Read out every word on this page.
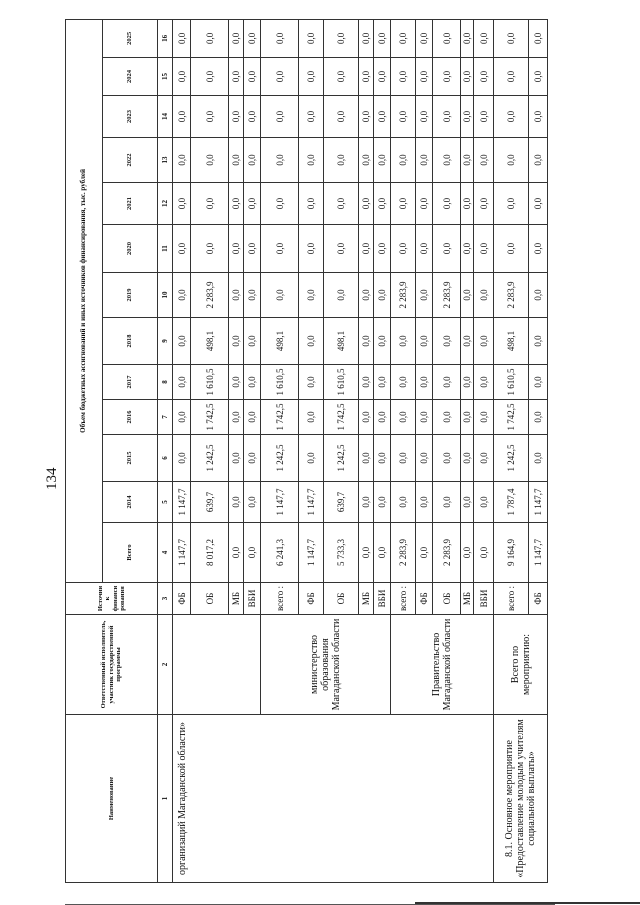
134
Наименование	Ответственный исполнитель, участник государственной программы	Источник финансирования	Объем бюджетных ассигнований и иных источников финансирования, тыс. рублей												
			Всего	2014	2015	2016	2017	2018	2019	2020	2021	2022	2023	2024	2025
1	2	3	4	5	6	7	8	9	10	11	12	13	14	15	16
организаций Магаданской области»		ФБ	1 147,7	1 147,7	0,0	0,0	0,0	0,0	0,0	0,0	0,0	0,0	0,0	0,0	0,0
		ОБ	8 017,2	639,7	1 242,5	1 742,5	1 610,5	498,1	2 283,9	0,0	0,0	0,0	0,0	0,0	0,0
		МБ	0,0	0,0	0,0	0,0	0,0	0,0	0,0	0,0	0,0	0,0	0,0	0,0	0,0
		ВБИ	0,0	0,0	0,0	0,0	0,0	0,0	0,0	0,0	0,0	0,0	0,0	0,0	0,0
	министерство образования Магаданской области	всего :	6 241,3	1 147,7	1 242,5	1 742,5	1 610,5	498,1	0,0	0,0	0,0	0,0	0,0	0,0	0,0
		ФБ	1 147,7	1 147,7	0,0	0,0	0,0	0,0	0,0	0,0	0,0	0,0	0,0	0,0	0,0
		ОБ	5 733,3	639,7	1 242,5	1 742,5	1 610,5	498,1	0,0	0,0	0,0	0,0	0,0	0,0	0,0
		МБ	0,0	0,0	0,0	0,0	0,0	0,0	0,0	0,0	0,0	0,0	0,0	0,0	0,0
		ВБИ	0,0	0,0	0,0	0,0	0,0	0,0	0,0	0,0	0,0	0,0	0,0	0,0	0,0
	Правительство Магаданской области	всего :	2 283,9	0,0	0,0	0,0	0,0	0,0	2 283,9	0,0	0,0	0,0	0,0	0,0	0,0
		ФБ	0,0	0,0	0,0	0,0	0,0	0,0	0,0	0,0	0,0	0,0	0,0	0,0	0,0
		ОБ	2 283,9	0,0	0,0	0,0	0,0	0,0	2 283,9	0,0	0,0	0,0	0,0	0,0	0,0
		МБ	0,0	0,0	0,0	0,0	0,0	0,0	0,0	0,0	0,0	0,0	0,0	0,0	0,0
		ВБИ	0,0	0,0	0,0	0,0	0,0	0,0	0,0	0,0	0,0	0,0	0,0	0,0	0,0
8.1. Основное мероприятие «Предоставление молодым учителям социальной выплаты»	Всего по мероприятию:	всего :	9 164,9	1 787,4	1 242,5	1 742,5	1 610,5	498,1	2 283,9	0,0	0,0	0,0	0,0	0,0	0,0
		ФБ	1 147,7	1 147,7	0,0	0,0	0,0	0,0	0,0	0,0	0,0	0,0	0,0	0,0	0,0
